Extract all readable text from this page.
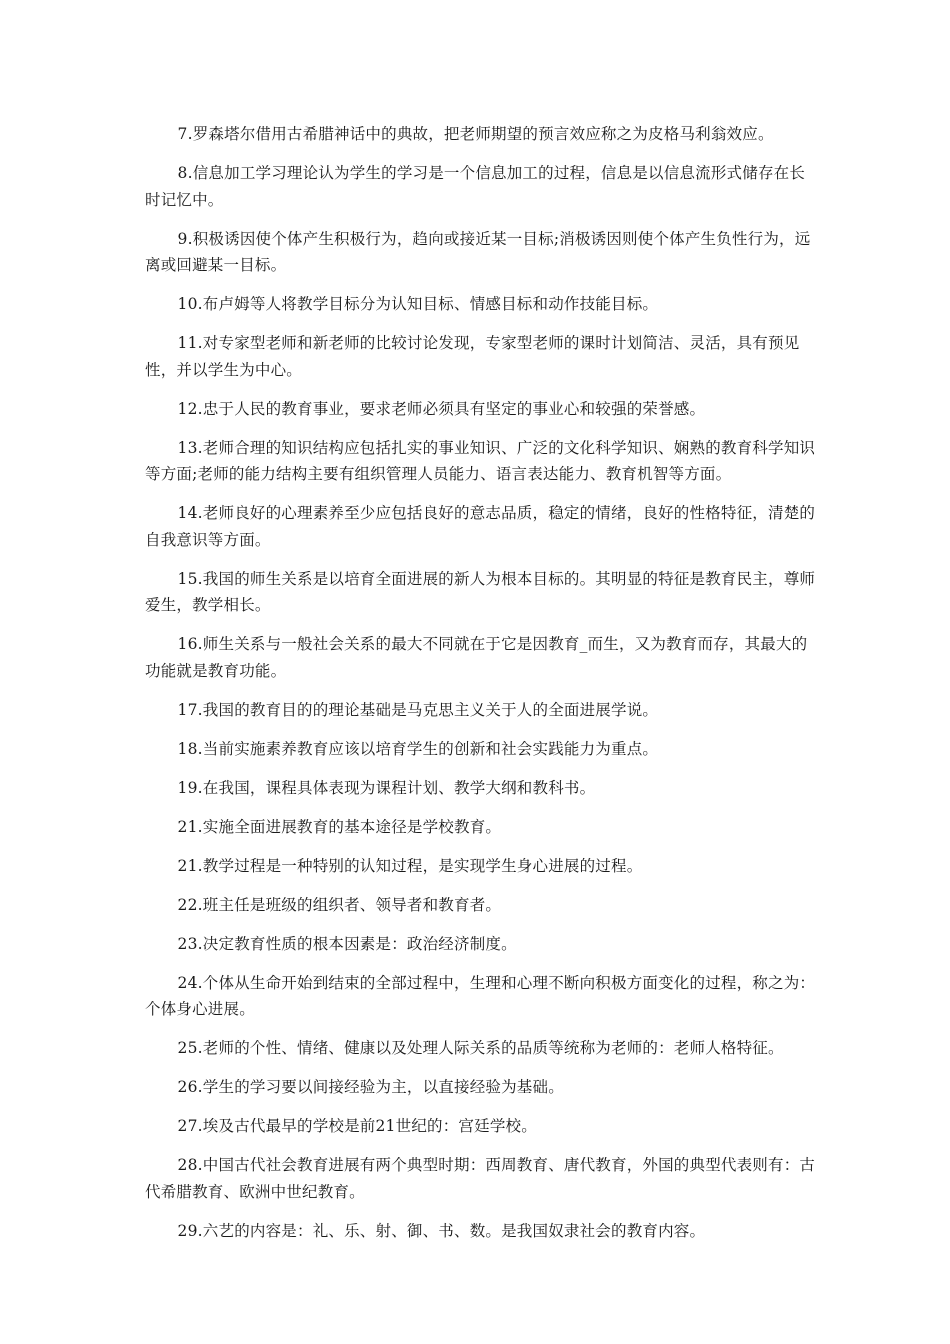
7.罗森塔尔借用古希腊神话中的典故，把老师期望的预言效应称之为皮格马利翁效应。

8.信息加工学习理论认为学生的学习是一个信息加工的过程，信息是以信息流形式储存在长时记忆中。

9.积极诱因使个体产生积极行为，趋向或接近某一目标;消极诱因则使个体产生负性行为，远离或回避某一目标。

10.布卢姆等人将教学目标分为认知目标、情感目标和动作技能目标。

11.对专家型老师和新老师的比较讨论发现，专家型老师的课时计划简洁、灵活，具有预见性，并以学生为中心。

12.忠于人民的教育事业，要求老师必须具有坚定的事业心和较强的荣誉感。

13.老师合理的知识结构应包括扎实的事业知识、广泛的文化科学知识、娴熟的教育科学知识等方面;老师的能力结构主要有组织管理人员能力、语言表达能力、教育机智等方面。

14.老师良好的心理素养至少应包括良好的意志品质，稳定的情绪，良好的性格特征，清楚的自我意识等方面。

15.我国的师生关系是以培育全面进展的新人为根本目标的。其明显的特征是教育民主，尊师爱生，教学相长。

16.师生关系与一般社会关系的最大不同就在于它是因教育_而生，又为教育而存，其最大的功能就是教育功能。

17.我国的教育目的的理论基础是马克思主义关于人的全面进展学说。

18.当前实施素养教育应该以培育学生的创新和社会实践能力为重点。

19.在我国，课程具体表现为课程计划、教学大纲和教科书。

21.实施全面进展教育的基本途径是学校教育。

21.教学过程是一种特别的认知过程，是实现学生身心进展的过程。

22.班主任是班级的组织者、领导者和教育者。

23.决定教育性质的根本因素是：政治经济制度。

24.个体从生命开始到结束的全部过程中，生理和心理不断向积极方面变化的过程，称之为：个体身心进展。

25.老师的个性、情绪、健康以及处理人际关系的品质等统称为老师的：老师人格特征。

26.学生的学习要以间接经验为主，以直接经验为基础。

27.埃及古代最早的学校是前21世纪的：宫廷学校。

28.中国古代社会教育进展有两个典型时期：西周教育、唐代教育，外国的典型代表则有：古代希腊教育、欧洲中世纪教育。

29.六艺的内容是：礼、乐、射、御、书、数。是我国奴隶社会的教育内容。
